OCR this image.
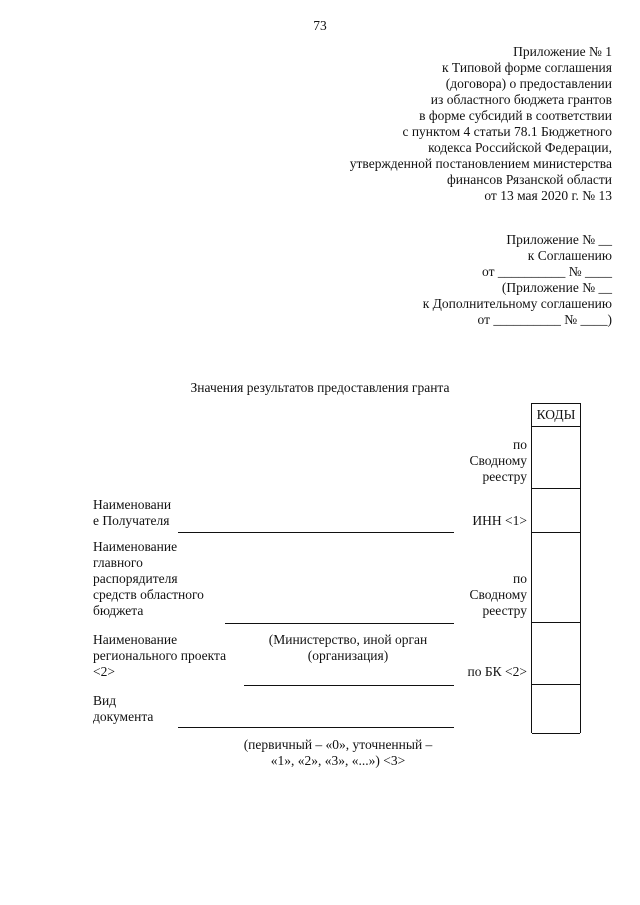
73
Приложение № 1
к Типовой форме соглашения
(договора) о предоставлении
из областного бюджета грантов
в форме субсидий в соответствии
с пунктом 4 статьи 78.1 Бюджетного
кодекса Российской Федерации,
утвержденной постановлением министерства
финансов Рязанской области
от 13 мая 2020 г. № 13
Приложение № __
к Соглашению
от __________ № ____
(Приложение № __
к Дополнительному соглашению
от __________ № ____)
Значения результатов предоставления гранта
КОДЫ
по
Сводному
реестру
ИНН <1>
по
Сводному
реестру
по БК <2>
Наименовани
е Получателя
Наименование
главного
распорядителя
средств областного
бюджета
Наименование
регионального проекта
<2>
(Министерство, иной орган
(организация)
Вид
документа
(первичный – «0», уточненный –
«1», «2», «3», «...») <3>
